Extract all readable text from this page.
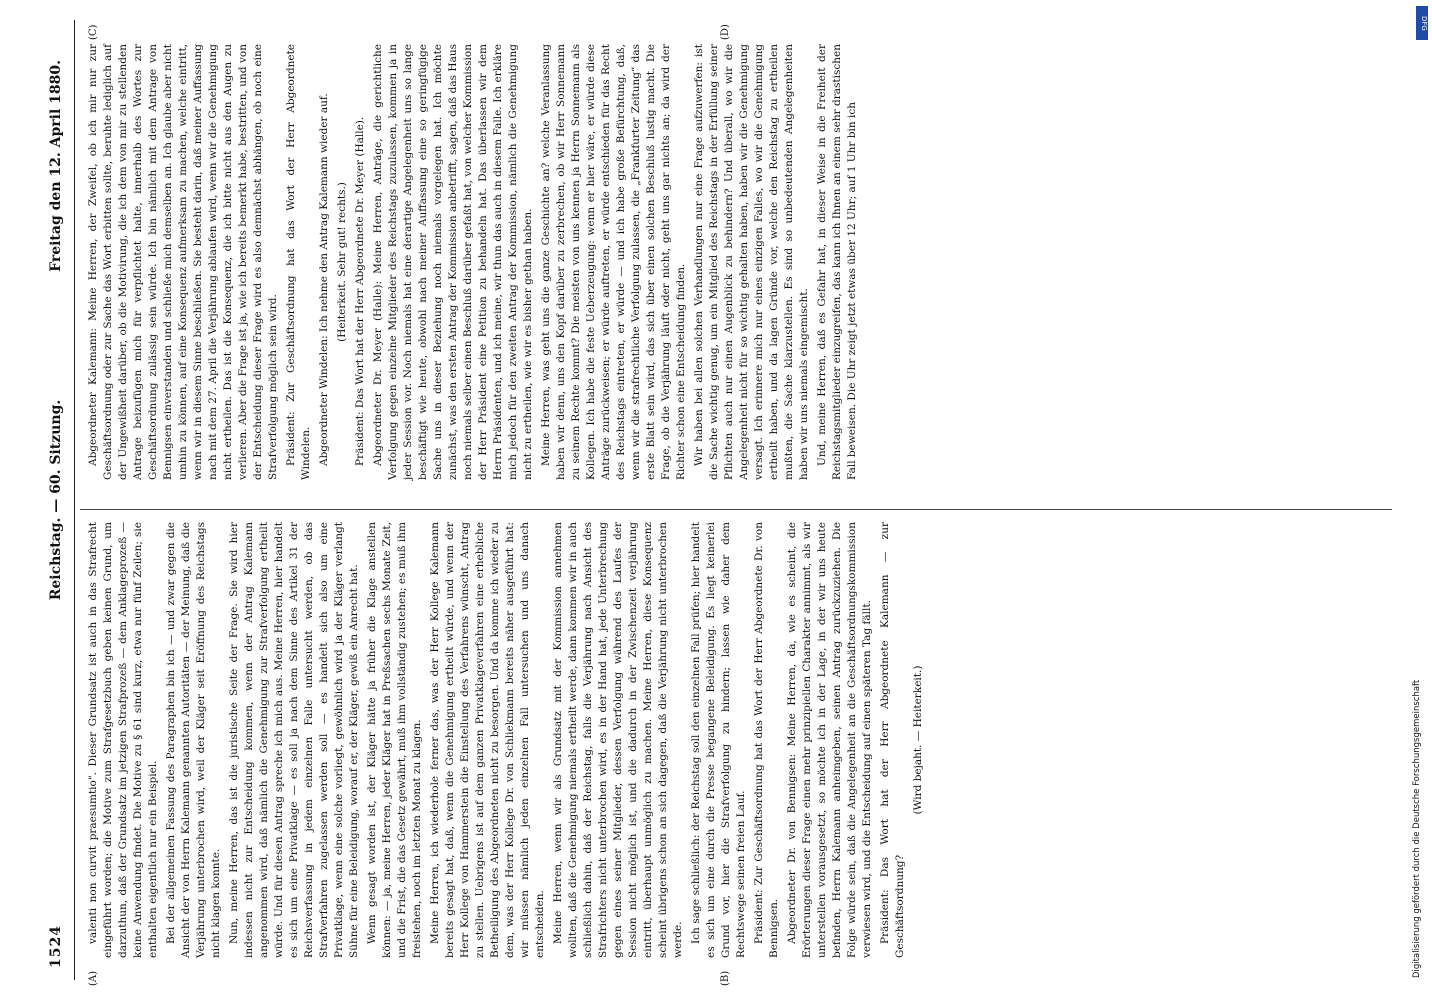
1524
Reichstag. — 60. Sitzung.
Freitag den 12. April 1880.
(A)	(B)
(C)	(D)

valenti non curvit praesumtio". Dieser Grundsatz ist auch in das Strafrecht eingeführt worden; die Motive zum Strafgesetzbuch geben keinen Grund, um darzuthun, daß der Grundsatz im jetzigen Strafprozeß — dem Anklageprozeß — keine Anwendung findet. Die Motive zu § 61 sind kurz, etwa nur fünf Zeilen; sie enthalten eigentlich nur ein Beispiel. Bei der allgemeinen Fassung des Paragraphen bin ich — und zwar gegen die Ansicht der von Herrn Kalemann genannten Autoritäten — der Meinung, daß die Verjährung unterbrochen wird, weil der Kläger seit Eröffnung des Reichstags nicht klagen konnte. Nun, meine Herren, das ist die juristische Seite der Frage. Sie wird hier indessen nicht zur Entscheidung kommen, wenn der Antrag Kalemann angenommen wird, daß nämlich die Genehmigung zur Strafverfolgung ertheilt würde. Und für diesen Antrag spreche ich mich aus. Meine Herren, hier handelt es sich um eine Privatklage — es soll ja nach dem Sinne des Artikel 31 der Reichsverfassung in jedem einzelnen Falle untersucht werden, ob das Strafverfahren zugelassen werden soll — es handelt sich also um eine Privatklage, wenn eine solche vorliegt, gewöhnlich wird ja der Kläger verlangt Sühne für eine Beleidigung, worauf er, der Kläger, gewiß ein Anrecht hat. Wenn gesagt worden ist, der Kläger hätte ja früher die Klage anstellen können: — ja, meine Herren, jeder Kläger hat in Preßsachen sechs Monate Zeit, und die Frist, die das Gesetz gewährt, muß ihm vollständig zustehen; es muß ihm freistehen, noch im letzten Monat zu klagen. Meine Herren, ich wiederhole ferner das, was der Herr Kollege Kalemann bereits gesagt hat, daß, wenn die Genehmigung ertheilt würde, und wenn der Herr Kollege von Hammerstein die Einstellung des Verfahrens wünscht, Antrag zu stellen. Uebrigens ist auf dem ganzen Privatklageverfahren eine erhebliche Betheiligung des Abgeordneten nicht zu besorgen. Und da komme ich wieder zu dem, was der Herr Kollege Dr. von Schliekmann bereits näher ausgeführt hat: wir müssen nämlich jeden einzelnen Fall untersuchen und uns danach entscheiden. Meine Herren, wenn wir als Grundsatz mit der Kommission annehmen wollten, daß die Genehmigung niemals ertheilt werde, dann kommen wir in auch schließlich dahin, daß der Reichstag, falls die Verjährung nach Ansicht des Strafrichters nicht unterbrochen wird, es in der Hand hat, jede Unterbrechung gegen eines seiner Mitglieder, dessen Verfolgung während des Laufes der Session nicht möglich ist, und die dadurch in der Zwischenzeit verjährung eintritt, überhaupt unmöglich zu machen. Meine Herren, diese Konsequenz scheint übrigens schon an sich dagegen, daß die Verjährung nicht unterbrochen werde. Ich sage schließlich: der Reichstag soll den einzelnen Fall prüfen; hier handelt es sich um eine durch die Presse begangene Beleidigung. Es liegt keinerlei Grund vor, hier die Strafverfolgung zu hindern; lassen wie daher dem Rechtswege seinen freien Lauf. Präsident: Zur Geschäftsordnung hat das Wort der Herr Abgeordnete Dr. von Bennigsen. Abgeordneter Dr. von Bennigsen: Meine Herren, da, wie es scheint, die Erörterungen dieser Frage einen mehr prinzipiellen Charakter annimmt, als wir unterstellen vorausgesetzt, so möchte ich in der Lage, in der wir uns heute befinden, Herrn Kalemann anheimgeben, seinen Antrag zurückzuziehen. Die Folge würde sein, daß die Angelegenheit an die Geschäftsordnungskommission verwiesen wird, und die Entscheidung auf einen späteren Tag fällt. Präsident: Das Wort hat der Herr Abgeordnete Kalemann — zur Geschäftsordnung?

(Wird bejaht. — Heiterkeit.)

Abgeordneter Kalemann: Meine Herren, der Zweifel, ob ich mir nur zur Geschäftsordnung oder zur Sache das Wort erbitten sollte, beruhte lediglich auf der Ungewißheit darüber, ob die Motivirung, die ich dem von mir zu stellenden Antrage beizufügen mich für verpflichtet halte, innerhalb des Wortes zur Geschäftsordnung zulässig sein würde. Ich bin nämlich mit dem Antrage von Bennigsen einverstanden und schließe mich demselben an. Ich glaube aber nicht umhin zu können, auf eine Konsequenz aufmerksam zu machen, welche eintritt, wenn wir in diesem Sinne beschließen. Sie besteht darin, daß meiner Auffassung nach mit dem 27. April die Verjährung ablaufen wird, wenn wir die Genehmigung nicht ertheilen. Das ist die Konsequenz, die ich bitte nicht aus den Augen zu verlieren. Aber die Frage ist ja, wie ich bereits bemerkt habe, bestritten, und von der Entscheidung dieser Frage wird es also demnächst abhängen, ob noch eine Strafverfolgung möglich sein wird. Präsident: Zur Geschäftsordnung hat das Wort der Herr Abgeordnete Windelen. Abgeordneter Windelen: Ich nehme den Antrag Kalemann wieder auf. (Heiterkeit. Sehr gut! rechts.) Präsident: Das Wort hat der Herr Abgeordnete Dr. Meyer (Halle). Abgeordneter Dr. Meyer (Halle): Meine Herren, Anträge, die gerichtliche Verfolgung gegen einzelne Mitglieder des Reichstags zuzulassen, kommen ja in jeder Session vor. Noch niemals hat eine derartige Angelegenheit uns so lange beschäftigt wie heute, obwohl nach meiner Auffassung eine so geringfügige Sache uns in dieser Beziehung noch niemals vorgelegen hat. Ich möchte zunächst, was den ersten Antrag der Kommission anbetrifft, sagen, daß das Haus noch niemals selber einen Beschluß darüber gefaßt hat, von welcher Kommission der Herr Präsident eine Petition zu behandeln hat. Das überlassen wir dem Herrn Präsidenten, und ich meine, wir thun das auch in diesem Falle. Ich erkläre mich jedoch für den zweiten Antrag der Kommission, nämlich die Genehmigung nicht zu ertheilen, wie wir es bisher gethan haben. Meine Herren, was geht uns die ganze Geschichte an? welche Veranlassung haben wir denn, uns den Kopf darüber zu zerbrechen, ob wir Herr Sonnemann zu seinem Rechte kommt? Die meisten von uns kennen ja Herrn Sonnemann als Kollegen. Ich habe die feste Ueberzeugung: wenn er hier wäre, er würde diese Anträge zurückweisen; er würde auftreten, er würde entschieden für das Recht des Reichstags eintreten, er würde — und ich habe große Befürchtung, daß, wenn wir die strafrechtliche Verfolgung zulassen, die „Frankfurter Zeitung“ das erste Blatt sein wird, das sich über einen solchen Beschluß lustig macht. Die Frage, ob die Verjährung läuft oder nicht, geht uns gar nichts an; da wird der Richter schon eine Entscheidung finden. Wir haben bei allen solchen Verhandlungen nur eine Frage aufzuwerfen: ist die Sache wichtig genug, um ein Mitglied des Reichstags in der Erfüllung seiner Pflichten auch nur einen Augenblick zu behindern? Und überall, wo wir die Angelegenheit nicht für so wichtig gehalten haben, haben wir die Genehmigung versagt. Ich erinnere mich nur eines einzigen Falles, wo wir die Genehmigung ertheilt haben, und da lagen Gründe vor, welche den Reichstag zu ertheilen mußten, die Sache klarzustellen. Es sind so unbedeutenden Angelegenheiten haben wir uns niemals eingemischt. Und, meine Herren, daß es Gefahr hat, in dieser Weise in die Freiheit der Reichstagsmitglieder einzugreifen, das kann ich Ihnen an einem sehr drastischen Fall beweisen. Die Uhr zeigt jetzt etwas über 12 Uhr; auf 1 Uhr bin ich

DFG
Digitalisierung gefördert durch die Deutsche Forschungsgemeinschaft
